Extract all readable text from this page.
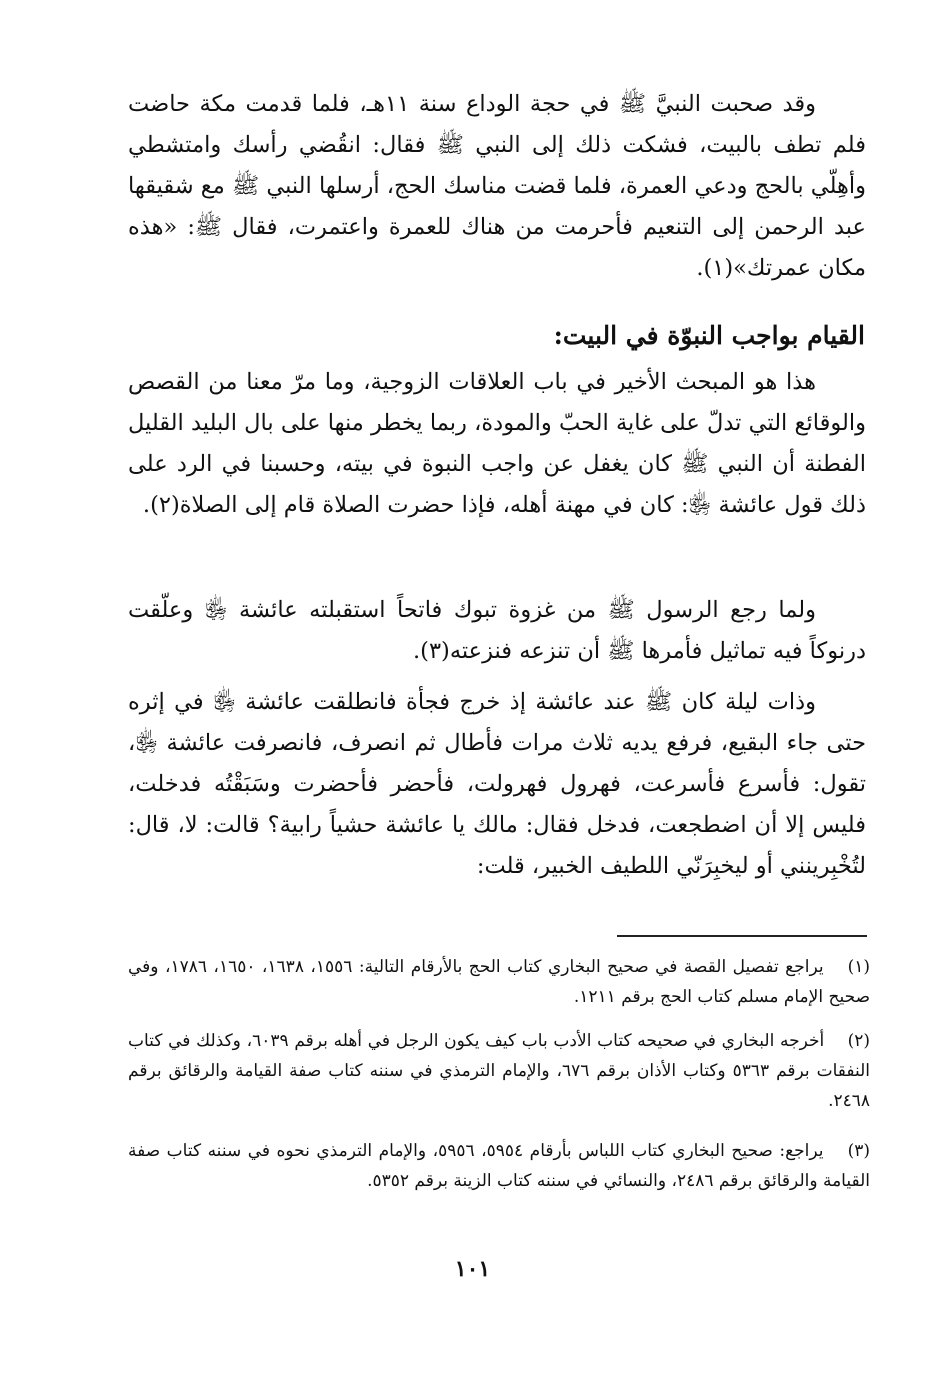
وقد صحبت النبيَّ ﷺ في حجة الوداع سنة ١١هـ، فلما قدمت مكة حاضت فلم تطف بالبيت، فشكت ذلك إلى النبي ﷺ فقال: انقُضي رأسك وامتشطي وأهِلّي بالحج ودعي العمرة، فلما قضت مناسك الحج، أرسلها النبي ﷺ مع شقيقها عبد الرحمن إلى التنعيم فأحرمت من هناك للعمرة واعتمرت، فقال ﷺ: «هذه مكان عمرتك»(١).

القيام بواجب النبوّة في البيت:

هذا هو المبحث الأخير في باب العلاقات الزوجية، وما مرّ معنا من القصص والوقائع التي تدلّ على غاية الحبّ والمودة، ربما يخطر منها على بال البليد القليل الفطنة أن النبي ﷺ كان يغفل عن واجب النبوة في بيته، وحسبنا في الرد على ذلك قول عائشة ﵂: كان في مهنة أهله، فإذا حضرت الصلاة قام إلى الصلاة(٢).

ولما رجع الرسول ﷺ من غزوة تبوك فاتحاً استقبلته عائشة ﵂ وعلّقت درنوكاً فيه تماثيل فأمرها ﷺ أن تنزعه فنزعته(٣).

وذات ليلة كان ﷺ عند عائشة إذ خرج فجأة فانطلقت عائشة ﵂ في إثره حتى جاء البقيع، فرفع يديه ثلاث مرات فأطال ثم انصرف، فانصرفت عائشة ﵂، تقول: فأسرع فأسرعت، فهرول فهرولت، فأحضر فأحضرت وسَبَقْتُه فدخلت، فليس إلا أن اضطجعت، فدخل فقال: مالك يا عائشة حشياً رابية؟ قالت: لا، قال: لتُخْبِرينني أو ليخبِرَنّي اللطيف الخبير، قلت:

(١) يراجع تفصيل القصة في صحيح البخاري كتاب الحج بالأرقام التالية: ١٥٥٦، ١٦٣٨، ١٦٥٠، ١٧٨٦، وفي صحيح الإمام مسلم كتاب الحج برقم ١٢١١.
(٢) أخرجه البخاري في صحيحه كتاب الأدب باب كيف يكون الرجل في أهله برقم ٦٠٣٩، وكذلك في كتاب النفقات برقم ٥٣٦٣ وكتاب الأذان برقم ٦٧٦، والإمام الترمذي في سننه كتاب صفة القيامة والرقائق برقم ٢٤٦٨.
(٣) يراجع: صحيح البخاري كتاب اللباس بأرقام ٥٩٥٤، ٥٩٥٦، والإمام الترمذي نحوه في سننه كتاب صفة القيامة والرقائق برقم ٢٤٨٦، والنسائي في سننه كتاب الزينة برقم ٥٣٥٢.
١٠١
